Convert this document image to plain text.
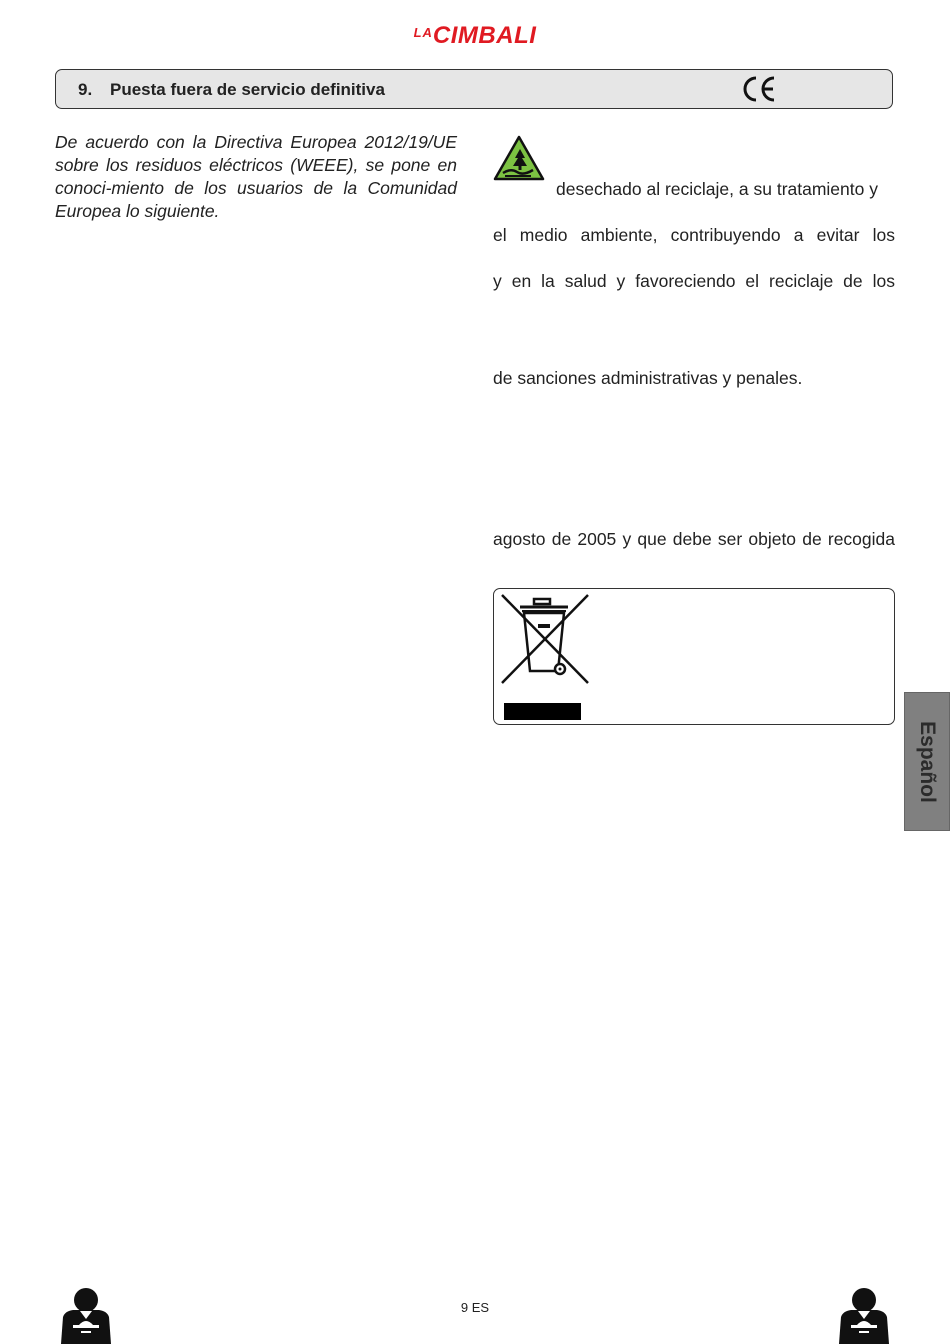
$^{LA}$CIMBALI
9. Puesta fuera de servicio definitiva
De acuerdo con la Directiva Europea 2012/19/UE sobre los residuos eléctricos (WEEE), se pone en conoci-miento de los usuarios de la Comunidad Europea lo siguiente.
desechado al reciclaje, a su tratamiento y
el medio ambiente, contribuyendo a evitar los
y en la salud y favoreciendo el reciclaje de los
de sanciones administrativas y penales.
agosto de 2005 y que debe ser objeto de recogida
Español
9 ES
